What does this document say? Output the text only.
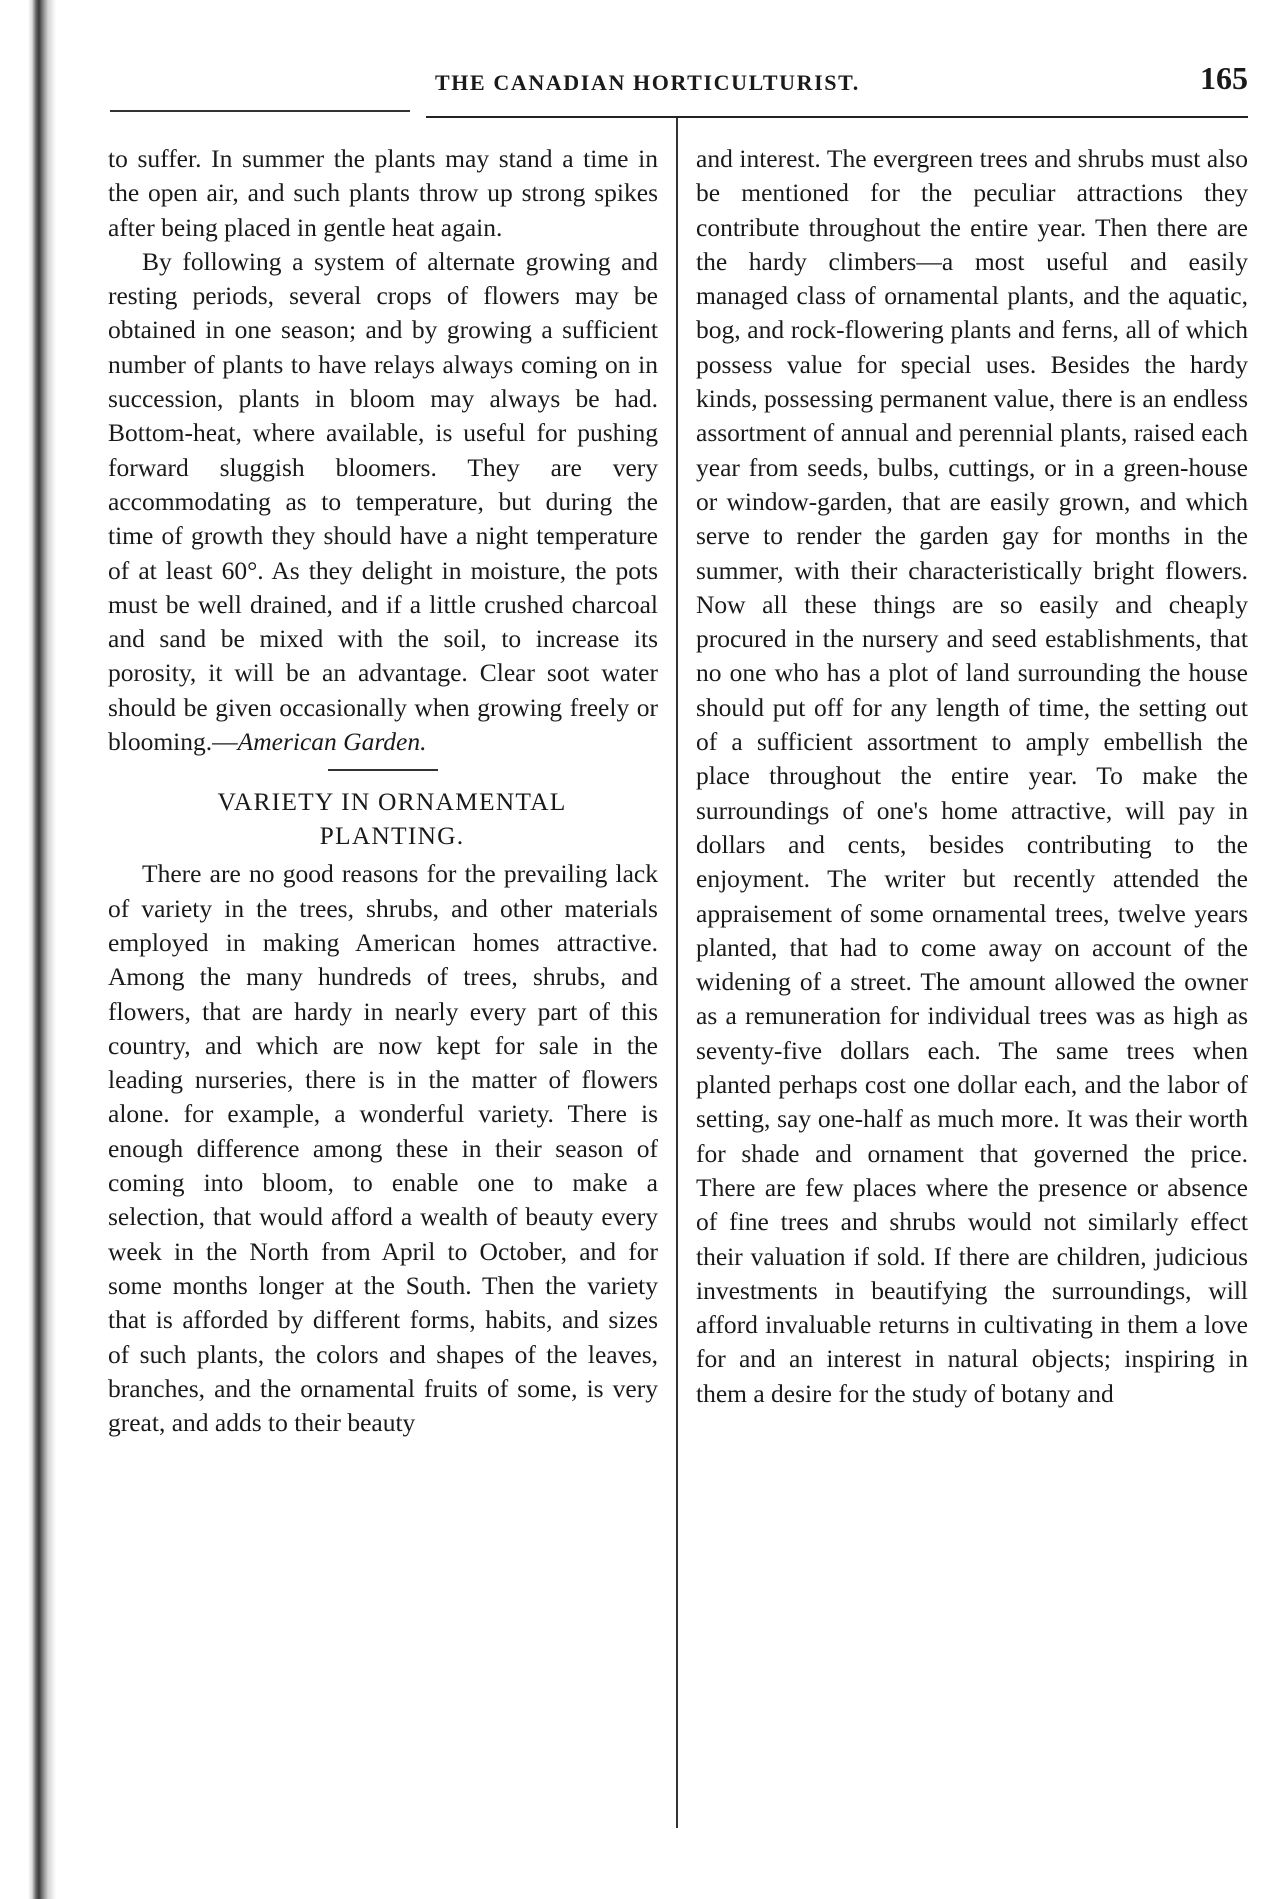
THE CANADIAN HORTICULTURIST.	165

to suffer. In summer the plants may stand a time in the open air, and such plants throw up strong spikes after being placed in gentle heat again.

By following a system of alternate growing and resting periods, several crops of flowers may be obtained in one season; and by growing a sufficient number of plants to have relays always coming on in succession, plants in bloom may always be had. Bottom-heat, where available, is useful for pushing forward sluggish bloomers. They are very accommodating as to temperature, but during the time of growth they should have a night temperature of at least 60°. As they delight in moisture, the pots must be well drained, and if a little crushed charcoal and sand be mixed with the soil, to increase its porosity, it will be an advantage. Clear soot water should be given occasionally when growing freely or blooming.—American Garden.

VARIETY IN ORNAMENTAL
PLANTING.

There are no good reasons for the prevailing lack of variety in the trees, shrubs, and other materials employed in making American homes attractive. Among the many hundreds of trees, shrubs, and flowers, that are hardy in nearly every part of this country, and which are now kept for sale in the leading nurseries, there is in the matter of flowers alone. for example, a wonderful variety. There is enough difference among these in their season of coming into bloom, to enable one to make a selection, that would afford a wealth of beauty every week in the North from April to October, and for some months longer at the South. Then the variety that is afforded by different forms, habits, and sizes of such plants, the colors and shapes of the leaves, branches, and the ornamental fruits of some, is very great, and adds to their beauty

and interest. The evergreen trees and shrubs must also be mentioned for the peculiar attractions they contribute throughout the entire year. Then there are the hardy climbers—a most useful and easily managed class of ornamental plants, and the aquatic, bog, and rock-flowering plants and ferns, all of which possess value for special uses. Besides the hardy kinds, possessing permanent value, there is an endless assortment of annual and perennial plants, raised each year from seeds, bulbs, cuttings, or in a green-house or window-garden, that are easily grown, and which serve to render the garden gay for months in the summer, with their characteristically bright flowers. Now all these things are so easily and cheaply procured in the nursery and seed establishments, that no one who has a plot of land surrounding the house should put off for any length of time, the setting out of a sufficient assortment to amply embellish the place throughout the entire year. To make the surroundings of one's home attractive, will pay in dollars and cents, besides contributing to the enjoyment. The writer but recently attended the appraisement of some ornamental trees, twelve years planted, that had to come away on account of the widening of a street. The amount allowed the owner as a remuneration for individual trees was as high as seventy-five dollars each. The same trees when planted perhaps cost one dollar each, and the labor of setting, say one-half as much more. It was their worth for shade and ornament that governed the price. There are few places where the presence or absence of fine trees and shrubs would not similarly effect their valuation if sold. If there are children, judicious investments in beautifying the surroundings, will afford invaluable returns in cultivating in them a love for and an interest in natural objects; inspiring in them a desire for the study of botany and
